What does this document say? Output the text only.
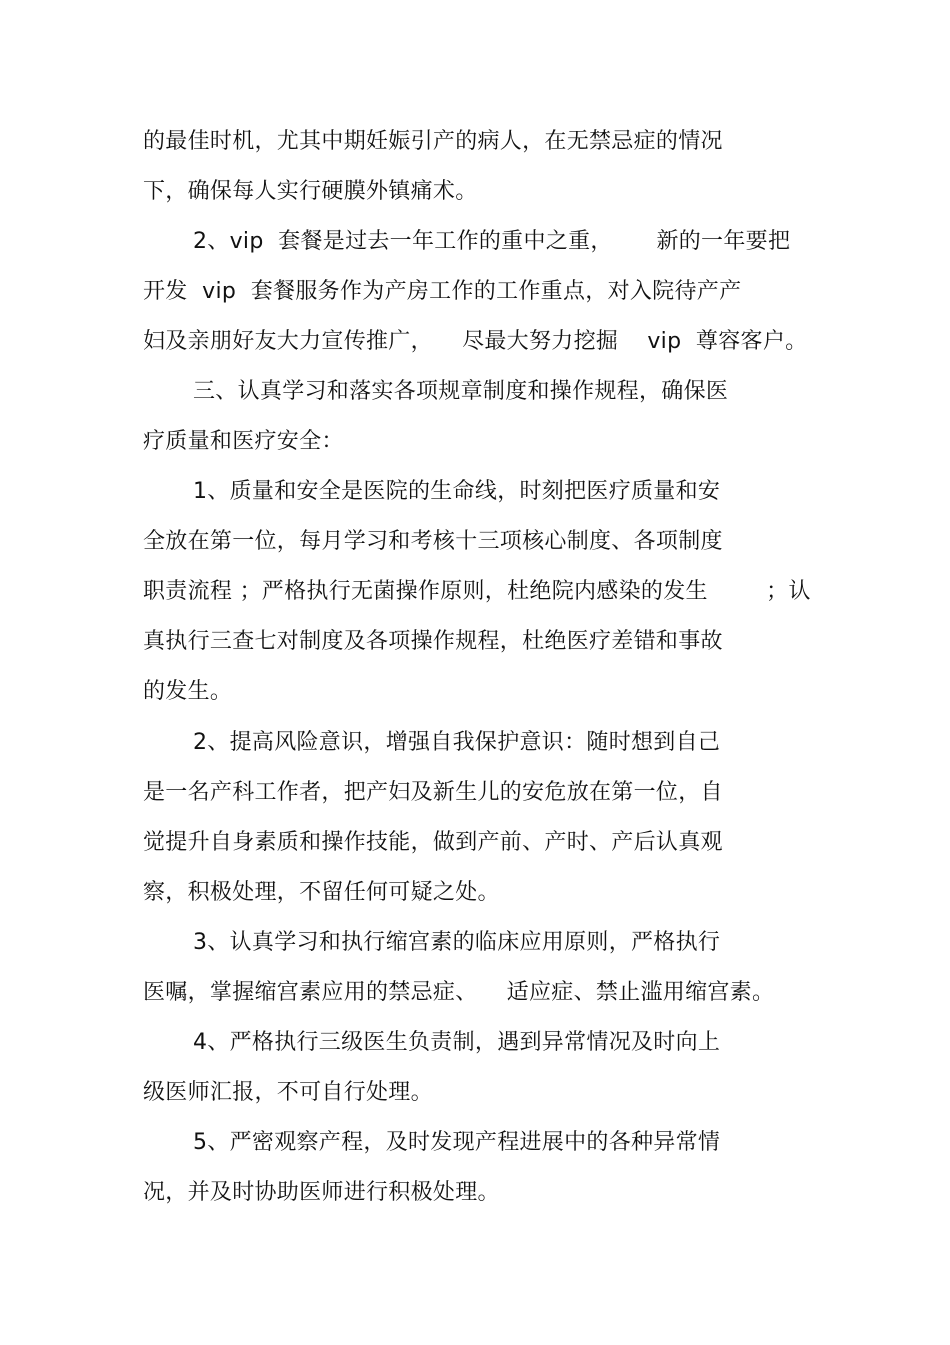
的最佳时机，尤其中期妊娠引产的病人，在无禁忌症的情况
下，确保每人实行硬膜外镇痛术。
2、vip  套餐是过去一年工作的重中之重，      新的一年要把
开发  vip  套餐服务作为产房工作的工作重点，对入院待产产
妇及亲朋好友大力宣传推广，    尽最大努力挖掘    vip  尊容客户。
三、认真学习和落实各项规章制度和操作规程，确保医
疗质量和医疗安全：
1、质量和安全是医院的生命线，时刻把医疗质量和安
全放在第一位，每月学习和考核十三项核心制度、各项制度
职责流程 ；严格执行无菌操作原则，杜绝院内感染的发生        ；认
真执行三查七对制度及各项操作规程，杜绝医疗差错和事故
的发生。
2、提高风险意识，增强自我保护意识：随时想到自己
是一名产科工作者，把产妇及新生儿的安危放在第一位，自
觉提升自身素质和操作技能，做到产前、产时、产后认真观
察，积极处理，不留任何可疑之处。
3、认真学习和执行缩宫素的临床应用原则，严格执行
医嘱，掌握缩宫素应用的禁忌症、    适应症、禁止滥用缩宫素。
4、严格执行三级医生负责制，遇到异常情况及时向上
级医师汇报，不可自行处理。
5、严密观察产程，及时发现产程进展中的各种异常情
况，并及时协助医师进行积极处理。
